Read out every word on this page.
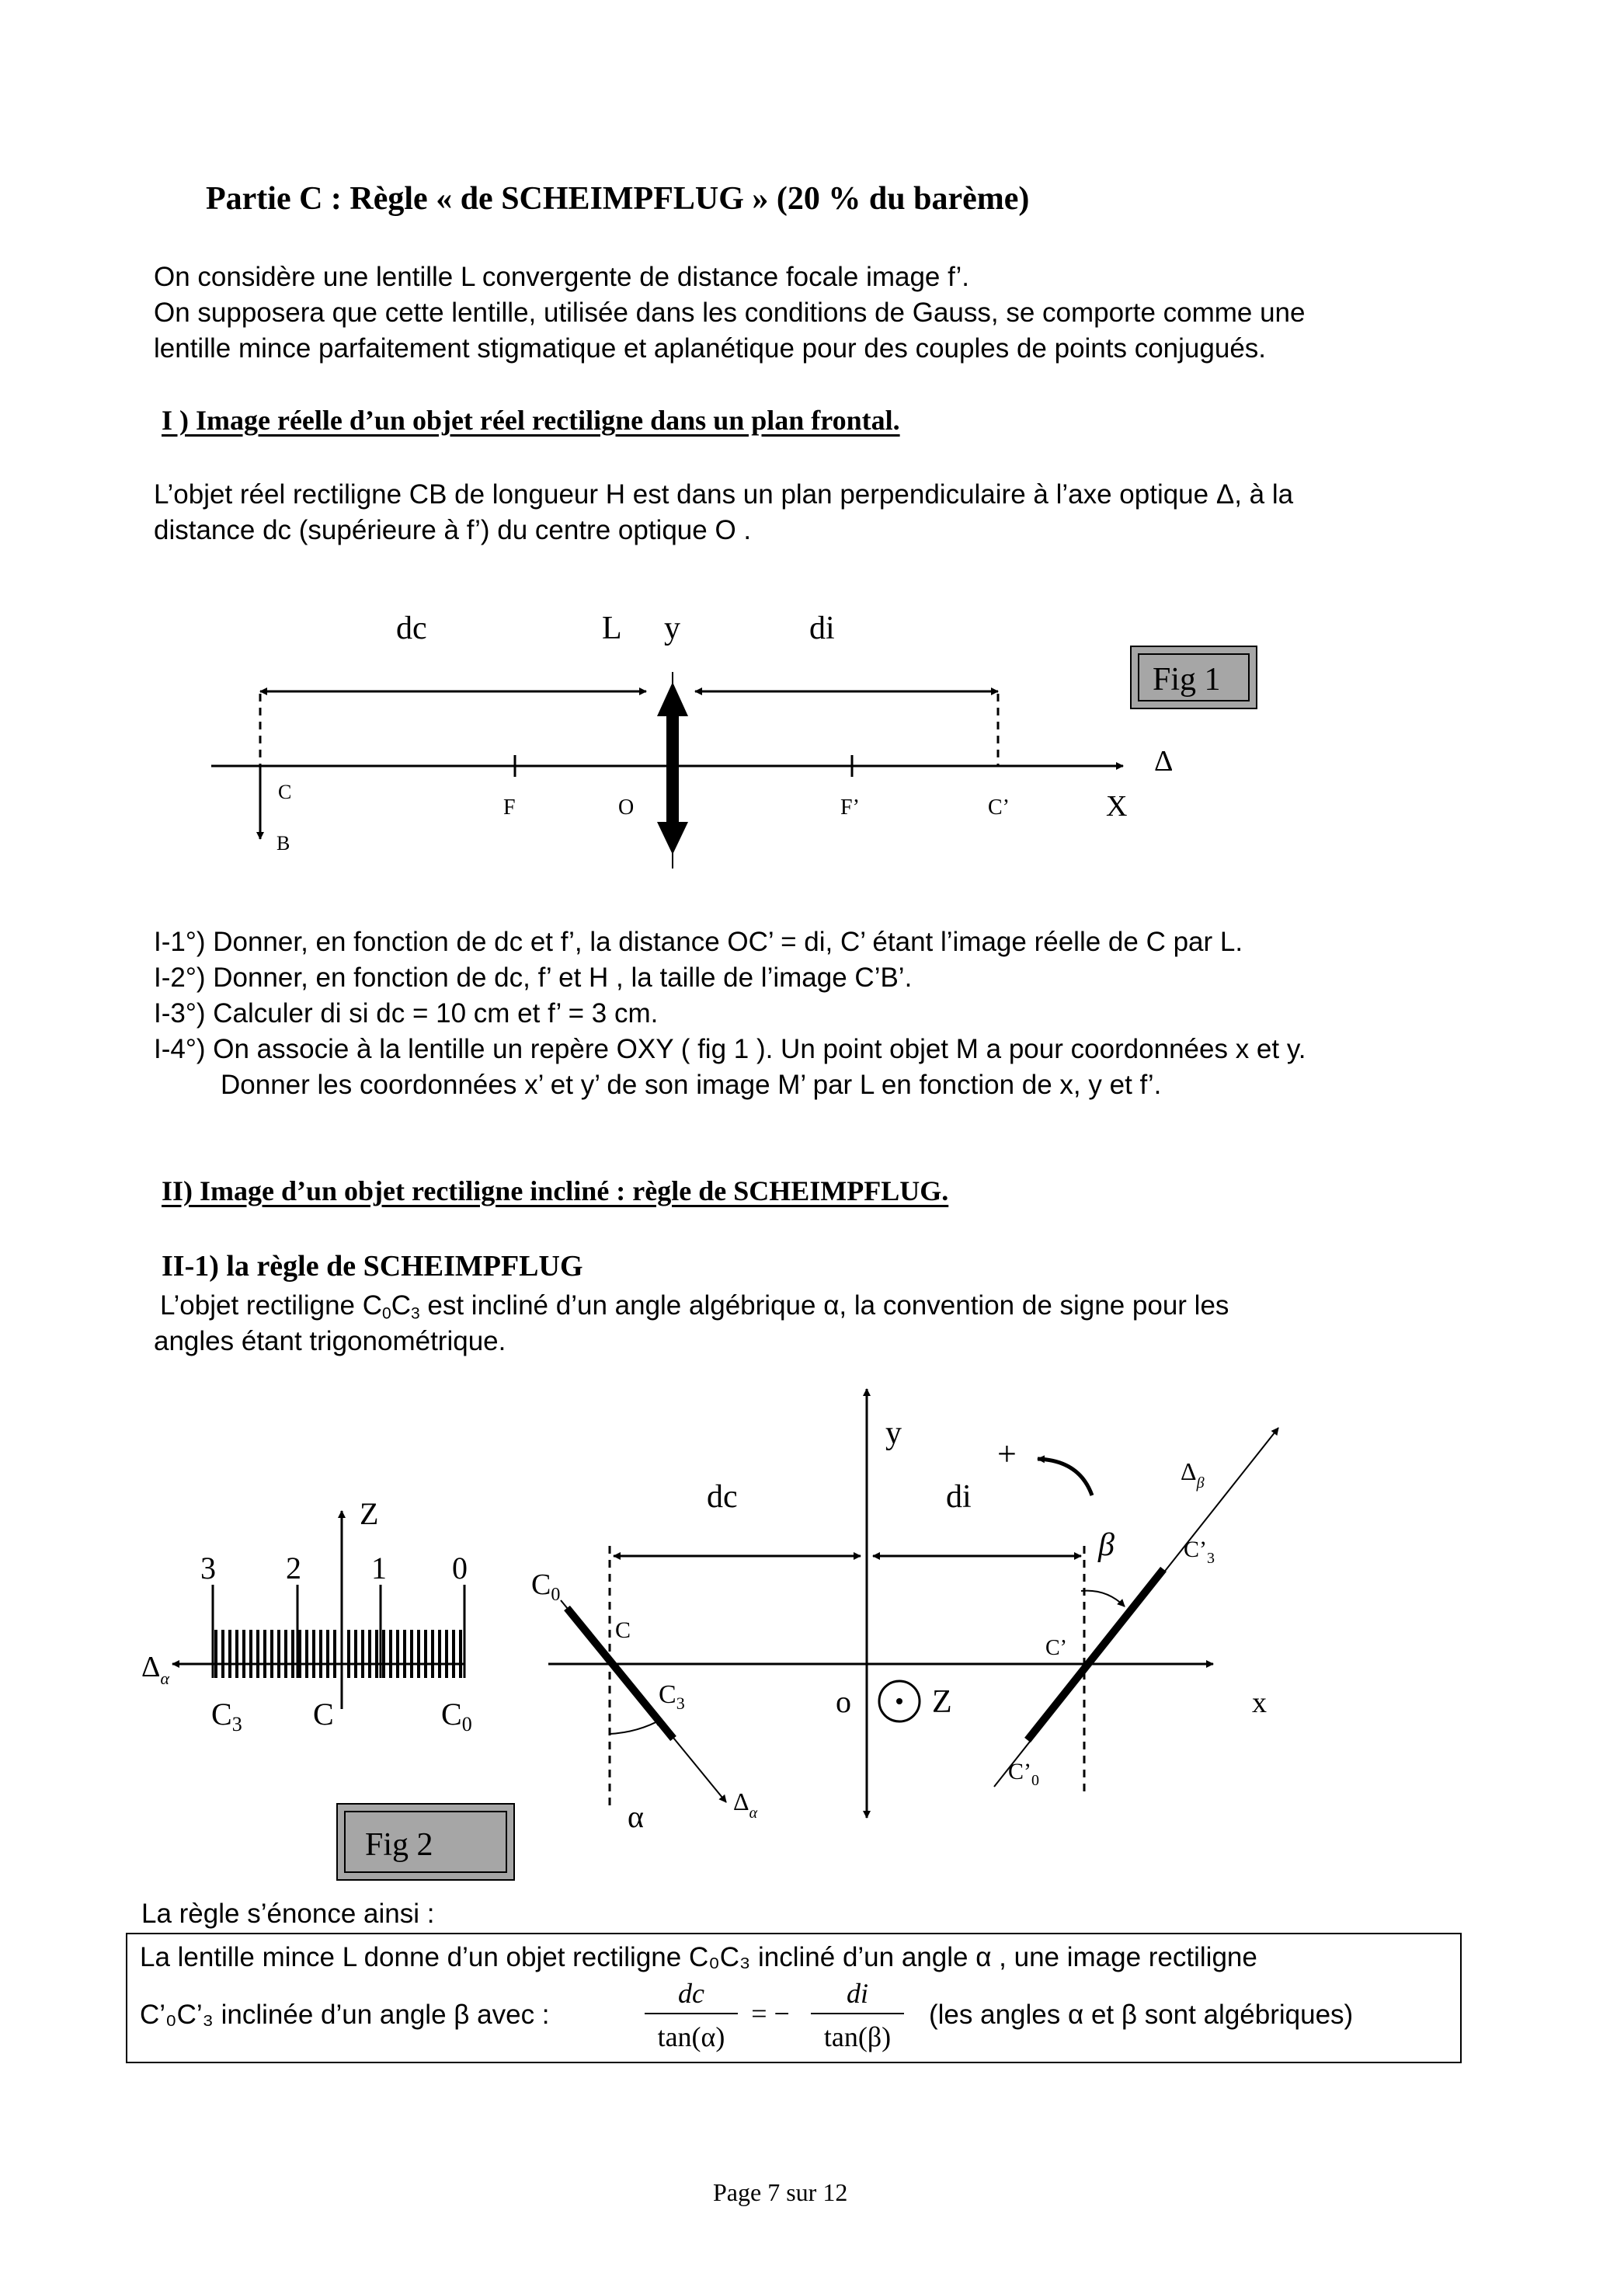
Partie C : Règle « de SCHEIMPFLUG » (20 % du barème)
On considère une lentille L convergente de distance focale image f’.
On supposera que cette lentille, utilisée dans les conditions de Gauss, se comporte comme une
lentille mince parfaitement stigmatique et aplanétique pour des couples de points conjugués.
I ) Image réelle d’un objet réel rectiligne dans un plan frontal.
L’objet réel rectiligne CB de longueur H est dans un plan perpendiculaire à l’axe optique Δ, à la
distance dc (supérieure à f’) du centre optique O .
dc	L y	di
Δ
X
C
B
F	O	F’	C’
Fig 1
I-1°) Donner, en fonction de dc et f’, la distance OC’ = di, C’ étant l’image réelle de C par L.
I-2°) Donner, en fonction de dc, f’ et H , la taille de l’image C’B’.
I-3°) Calculer di si dc = 10 cm et f’ = 3 cm.
I-4°) On associe à la lentille un repère OXY ( fig 1 ). Un point objet M a pour coordonnées x et y.
Donner les coordonnées x’ et y’ de son image M’ par L en fonction de x, y et f’.
II) Image d’un objet rectiligne incliné : règle de SCHEIMPFLUG.
II-1) la règle de SCHEIMPFLUG
L’objet rectiligne $C_0C_3$ est incliné d’un angle algébrique α, la convention de signe pour les
angles étant trigonométrique.
Z
3 2 1 0
$\Delta_\alpha$
$C_3$ C	$C_0$
y
+
dc	di
$\Delta_\beta$
β	$C’_3$
$C_0$
C
C’
$C_3$	o Z	x
$C’_0$
α	$\Delta_\alpha$
Fig 2
La règle s’énonce ainsi :
La lentille mince L donne d’un objet rectiligne C₀C₃ incliné d’un angle α , une image rectiligne
C’₀C’₃ inclinée d’un angle β avec :
dc
tan(α)
= −
di
tan(β)
(les angles α et β sont algébriques)
Page 7 sur 12
